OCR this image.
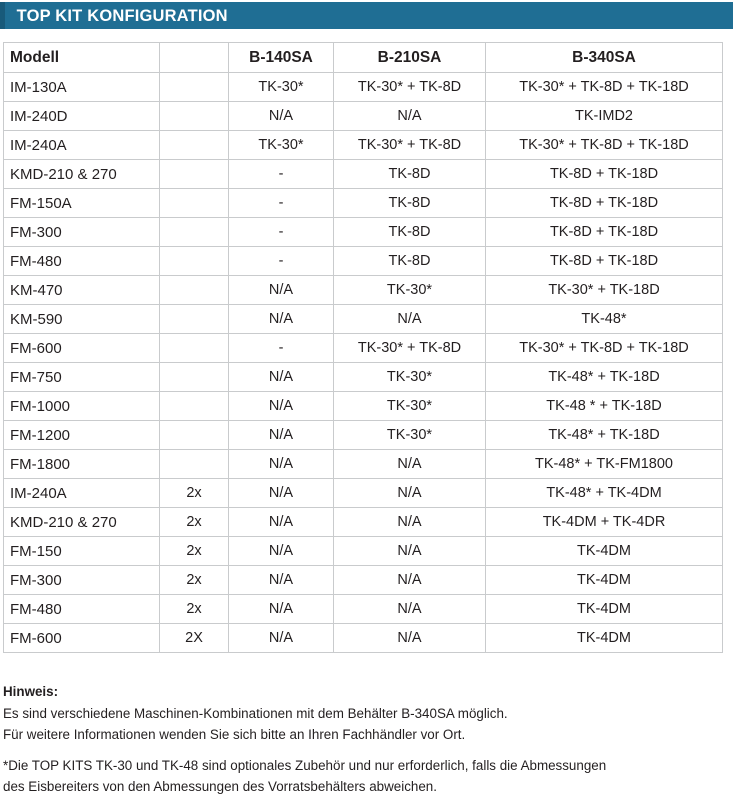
TOP KIT KONFIGURATION
Modell		B-140SA	B-210SA	B-340SA
IM-130A		TK-30*	TK-30* + TK-8D	TK-30* + TK-8D + TK-18D
IM-240D		N/A	N/A	TK-IMD2
IM-240A		TK-30*	TK-30* + TK-8D	TK-30* + TK-8D + TK-18D
KMD-210 & 270		-	TK-8D	TK-8D + TK-18D
FM-150A		-	TK-8D	TK-8D + TK-18D
FM-300		-	TK-8D	TK-8D + TK-18D
FM-480		-	TK-8D	TK-8D + TK-18D
KM-470		N/A	TK-30*	TK-30* + TK-18D
KM-590		N/A	N/A	TK-48*
FM-600		-	TK-30* + TK-8D	TK-30* + TK-8D + TK-18D
FM-750		N/A	TK-30*	TK-48* + TK-18D
FM-1000		N/A	TK-30*	TK-48 * + TK-18D
FM-1200		N/A	TK-30*	TK-48* + TK-18D
FM-1800		N/A	N/A	TK-48* + TK-FM1800
IM-240A	2x	N/A	N/A	TK-48* + TK-4DM
KMD-210 & 270	2x	N/A	N/A	TK-4DM + TK-4DR
FM-150	2x	N/A	N/A	TK-4DM
FM-300	2x	N/A	N/A	TK-4DM
FM-480	2x	N/A	N/A	TK-4DM
FM-600	2X	N/A	N/A	TK-4DM
Hinweis:
Es sind verschiedene Maschinen-Kombinationen mit dem Behälter B-340SA möglich.
Für weitere Informationen wenden Sie sich bitte an Ihren Fachhändler vor Ort.
*Die TOP KITS TK-30 und TK-48 sind optionales Zubehör und nur erforderlich, falls die Abmessungen
des Eisbereiters von den Abmessungen des Vorratsbehälters abweichen.
